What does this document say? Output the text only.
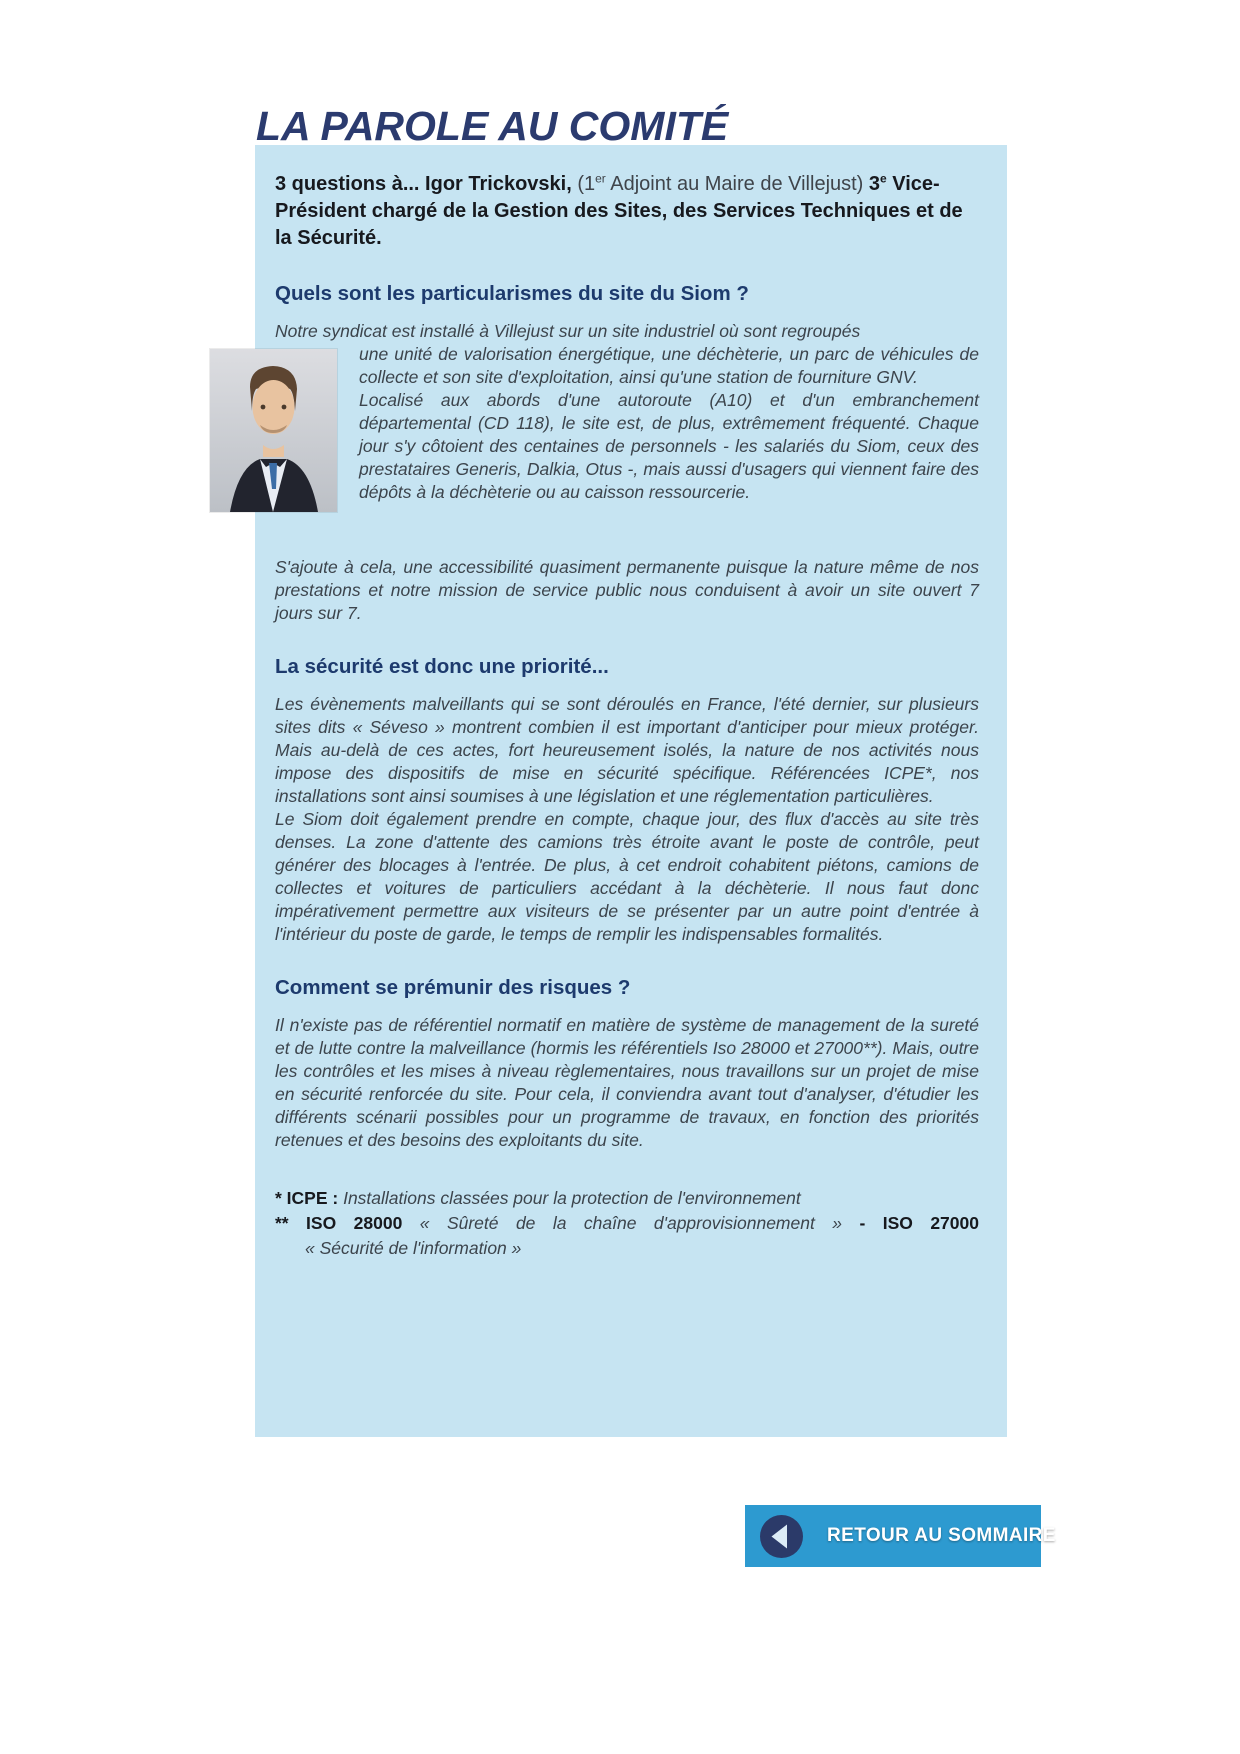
LA PAROLE AU COMITÉ

3 questions à... Igor Trickovski, (1er Adjoint au Maire de Villejust) 3e Vice-Président chargé de la Gestion des Sites, des Services Techniques et de la Sécurité.

Quels sont les particularismes du site du Siom ?

Notre syndicat est installé à Villejust sur un site industriel où sont regroupés

une unité de valorisation énergétique, une déchèterie, un parc de véhicules de collecte et son site d'exploitation, ainsi qu'une station de fourniture GNV.
Localisé aux abords d'une autoroute (A10) et d'un embranchement départemental (CD 118), le site est, de plus, extrêmement fréquenté. Chaque jour s'y côtoient des centaines de personnels - les salariés du Siom, ceux des prestataires Generis, Dalkia, Otus -, mais aussi d'usagers qui viennent faire des dépôts à la déchèterie ou au caisson ressourcerie.

S'ajoute à cela, une accessibilité quasiment permanente puisque la nature même de nos prestations et notre mission de service public nous conduisent à avoir un site ouvert 7 jours sur 7.

La sécurité est donc une priorité...

Les évènements malveillants qui se sont déroulés en France, l'été dernier, sur plusieurs sites dits « Séveso » montrent combien il est important d'anticiper pour mieux protéger. Mais au-delà de ces actes, fort heureusement isolés, la nature de nos activités nous impose des dispositifs de mise en sécurité spécifique. Référencées ICPE*, nos installations sont ainsi soumises à une législation et une réglementation particulières.
Le Siom doit également prendre en compte, chaque jour, des flux d'accès au site très denses. La zone d'attente des camions très étroite avant le poste de contrôle, peut générer des blocages à l'entrée. De plus, à cet endroit cohabitent piétons, camions de collectes et voitures de particuliers accédant à la déchèterie. Il nous faut donc impérativement permettre aux visiteurs de se présenter par un autre point d'entrée à l'intérieur du poste de garde, le temps de remplir les indispensables formalités.

Comment se prémunir des risques ?

Il n'existe pas de référentiel normatif en matière de système de management de la sureté et de lutte contre la malveillance (hormis les référentiels Iso 28000 et 27000**). Mais, outre les contrôles et les mises à niveau règlementaires, nous travaillons sur un projet de mise en sécurité renforcée du site. Pour cela, il conviendra avant tout d'analyser, d'étudier les différents scénarii possibles pour un programme de travaux, en fonction des priorités retenues et des besoins des exploitants du site.

* ICPE : Installations classées pour la protection de l'environnement

** ISO 28000 « Sûreté de la chaîne d'approvisionnement » - ISO 27000

« Sécurité de l'information »

RETOUR AU SOMMAIRE
